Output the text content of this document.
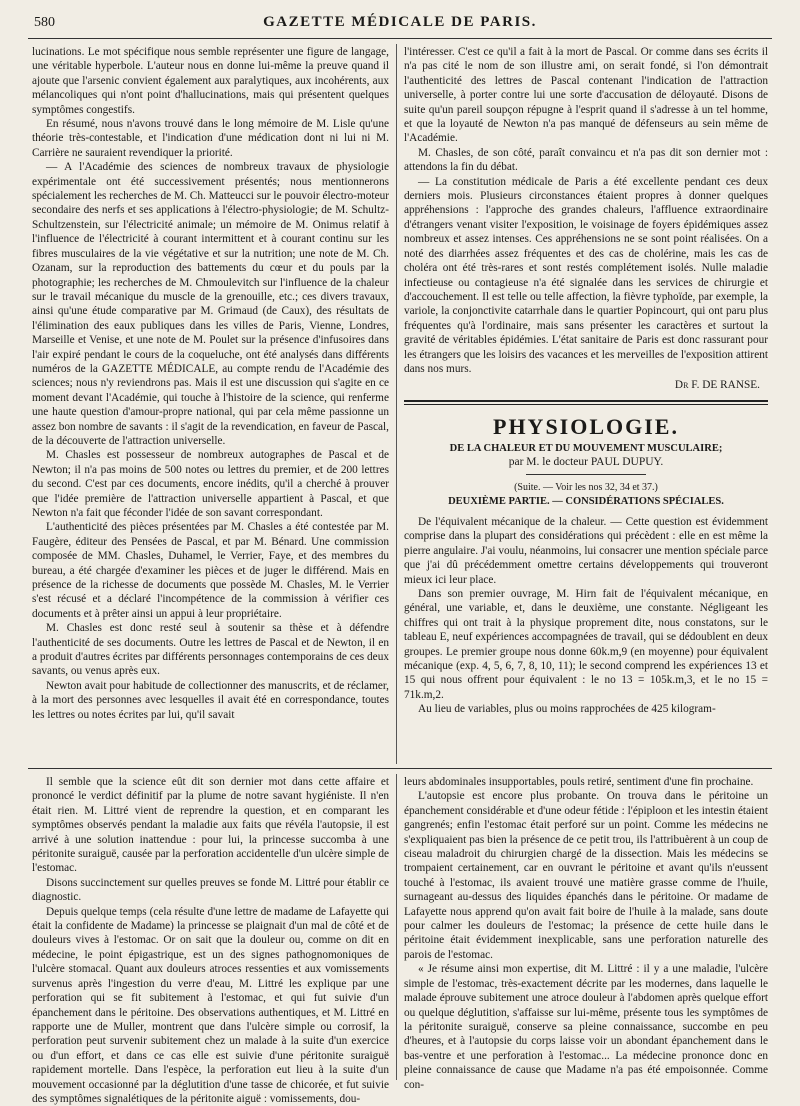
580	GAZETTE MÉDICALE DE PARIS.

lucinations. Le mot spécifique nous semble représenter une figure de langage, une véritable hyperbole. L'auteur nous en donne lui-même la preuve quand il ajoute que l'arsenic convient également aux paralytiques, aux incohérents, aux mélancoliques qui n'ont point d'hallucinations, mais qui présentent quelques symptômes congestifs.

En résumé, nous n'avons trouvé dans le long mémoire de M. Lisle qu'une théorie très-contestable, et l'indication d'une médication dont ni lui ni M. Carrière ne sauraient revendiquer la priorité.

— A l'Académie des sciences de nombreux travaux de physiologie expérimentale ont été successivement présentés; nous mentionnerons spécialement les recherches de M. Ch. Matteucci sur le pouvoir électro-moteur secondaire des nerfs et ses applications à l'électro-physiologie; de M. Schultz-Schultzenstein, sur l'électricité animale; un mémoire de M. Onimus relatif à l'influence de l'électricité à courant intermittent et à courant continu sur les fibres musculaires de la vie végétative et sur la nutrition; une note de M. Ch. Ozanam, sur la reproduction des battements du cœur et du pouls par la photographie; les recherches de M. Chmoulevitch sur l'influence de la chaleur sur le travail mécanique du muscle de la grenouille, etc.; ces divers travaux, ainsi qu'une étude comparative par M. Grimaud (de Caux), des résultats de l'élimination des eaux publiques dans les villes de Paris, Vienne, Londres, Marseille et Venise, et une note de M. Poulet sur la présence d'infusoires dans l'air expiré pendant le cours de la coqueluche, ont été analysés dans différents numéros de la GAZETTE MÉDICALE, au compte rendu de l'Académie des sciences; nous n'y reviendrons pas. Mais il est une discussion qui s'agite en ce moment devant l'Académie, qui touche à l'histoire de la science, qui renferme une haute question d'amour-propre national, qui par cela même passionne un assez bon nombre de savants : il s'agit de la revendication, en faveur de Pascal, de la découverte de l'attraction universelle.

M. Chasles est possesseur de nombreux autographes de Pascal et de Newton; il n'a pas moins de 500 notes ou lettres du premier, et de 200 lettres du second. C'est par ces documents, encore inédits, qu'il a cherché à prouver que l'idée première de l'attraction universelle appartient à Pascal, et que Newton n'a fait que féconder l'idée de son savant correspondant.

L'authenticité des pièces présentées par M. Chasles a été contestée par M. Faugère, éditeur des Pensées de Pascal, et par M. Bénard. Une commission composée de MM. Chasles, Duhamel, le Verrier, Faye, et des membres du bureau, a été chargée d'examiner les pièces et de juger le différend. Mais en présence de la richesse de documents que possède M. Chasles, M. le Verrier s'est récusé et a déclaré l'incompétence de la commission à vérifier ces documents et à prêter ainsi un appui à leur propriétaire.

M. Chasles est donc resté seul à soutenir sa thèse et à défendre l'authenticité de ses documents. Outre les lettres de Pascal et de Newton, il en a produit d'autres écrites par différents personnages contemporains de ces deux savants, ou venus après eux.

Newton avait pour habitude de collectionner des manuscrits, et de réclamer, à la mort des personnes avec lesquelles il avait été en correspondance, toutes les lettres ou notes écrites par lui, qu'il savait

l'intéresser. C'est ce qu'il a fait à la mort de Pascal. Or comme dans ses écrits il n'a pas cité le nom de son illustre ami, on serait fondé, si l'on démontrait l'authenticité des lettres de Pascal contenant l'indication de l'attraction universelle, à porter contre lui une sorte d'accusation de déloyauté. Disons de suite qu'un pareil soupçon répugne à l'esprit quand il s'adresse à un tel homme, et que la loyauté de Newton n'a pas manqué de défenseurs au sein même de l'Académie.

M. Chasles, de son côté, paraît convaincu et n'a pas dit son dernier mot : attendons la fin du débat.

— La constitution médicale de Paris a été excellente pendant ces deux derniers mois. Plusieurs circonstances étaient propres à donner quelques appréhensions : l'approche des grandes chaleurs, l'affluence extraordinaire d'étrangers venant visiter l'exposition, le voisinage de foyers épidémiques assez nombreux et assez intenses. Ces appréhensions ne se sont point réalisées. On a noté des diarrhées assez fréquentes et des cas de cholérine, mais les cas de choléra ont été très-rares et sont restés complétement isolés. Nulle maladie infectieuse ou contagieuse n'a été signalée dans les services de chirurgie et d'accouchement. Il est telle ou telle affection, la fièvre typhoïde, par exemple, la variole, la conjonctivite catarrhale dans le quartier Popincourt, qui ont paru plus fréquentes qu'à l'ordinaire, mais sans présenter les caractères et surtout la gravité de véritables épidémies. L'état sanitaire de Paris est donc rassurant pour les étrangers que les loisirs des vacances et les merveilles de l'exposition attirent dans nos murs.

Dr F. DE RANSE.
PHYSIOLOGIE.
DE LA CHALEUR ET DU MOUVEMENT MUSCULAIRE;
par M. le docteur PAUL DUPUY.
(Suite. — Voir les nos 32, 34 et 37.)
DEUXIÈME PARTIE. — CONSIDÉRATIONS SPÉCIALES.

De l'équivalent mécanique de la chaleur. — Cette question est évidemment comprise dans la plupart des considérations qui précèdent : elle en est même la pierre angulaire. J'ai voulu, néanmoins, lui consacrer une mention spéciale parce que j'ai dû précédemment omettre certains développements qui trouveront mieux ici leur place.

Dans son premier ouvrage, M. Hirn fait de l'équivalent mécanique, en général, une variable, et, dans le deuxième, une constante. Négligeant les chiffres qui ont trait à la physique proprement dite, nous constatons, sur le tableau E, neuf expériences accompagnées de travail, qui se dédoublent en deux groupes. Le premier groupe nous donne 60k.m,9 (en moyenne) pour équivalent mécanique (exp. 4, 5, 6, 7, 8, 10, 11); le second comprend les expériences 13 et 15 qui nous offrent pour équivalent : le no 13 = 105k.m,3, et le no 15 = 71k.m,2.

Au lieu de variables, plus ou moins rapprochées de 425 kilogram-

Il semble que la science eût dit son dernier mot dans cette affaire et prononcé le verdict définitif par la plume de notre savant hygiéniste. Il n'en était rien. M. Littré vient de reprendre la question, et en comparant les symptômes observés pendant la maladie aux faits que révéla l'autopsie, il est arrivé à une solution inattendue : pour lui, la princesse succomba à une péritonite suraiguë, causée par la perforation accidentelle d'un ulcère simple de l'estomac.

Disons succinctement sur quelles preuves se fonde M. Littré pour établir ce diagnostic.

Depuis quelque temps (cela résulte d'une lettre de madame de Lafayette qui était la confidente de Madame) la princesse se plaignait d'un mal de côté et de douleurs vives à l'estomac. Or on sait que la douleur ou, comme on dit en médecine, le point épigastrique, est un des signes pathognomoniques de l'ulcère stomacal. Quant aux douleurs atroces ressenties et aux vomissements survenus après l'ingestion du verre d'eau, M. Littré les explique par une perforation qui se fit subitement à l'estomac, et qui fut suivie d'un épanchement dans le péritoine. Des observations authentiques, et M. Littré en rapporte une de Muller, montrent que dans l'ulcère simple ou corrosif, la perforation peut survenir subitement chez un malade à la suite d'un exercice ou d'un effort, et dans ce cas elle est suivie d'une péritonite suraiguë rapidement mortelle. Dans l'espèce, la perforation eut lieu à la suite d'un mouvement occasionné par la déglutition d'une tasse de chicorée, et fut suivie des symptômes signalétiques de la péritonite aiguë : vomissements, dou-

leurs abdominales insupportables, pouls retiré, sentiment d'une fin prochaine.

L'autopsie est encore plus probante. On trouva dans le péritoine un épanchement considérable et d'une odeur fétide : l'épiploon et les intestin étaient gangrenés; enfin l'estomac était perforé sur un point. Comme les médecins ne s'expliquaient pas bien la présence de ce petit trou, ils l'attribuèrent à un coup de ciseau maladroit du chirurgien chargé de la dissection. Mais les médecins se trompaient certainement, car en ouvrant le péritoine et avant qu'ils n'eussent touché à l'estomac, ils avaient trouvé une matière grasse comme de l'huile, surnageant au-dessus des liquides épanchés dans le péritoine. Or madame de Lafayette nous apprend qu'on avait fait boire de l'huile à la malade, sans doute pour calmer les douleurs de l'estomac; la présence de cette huile dans le péritoine était évidemment inexplicable, sans une perforation naturelle des parois de l'estomac.

« Je résume ainsi mon expertise, dit M. Littré : il y a une maladie, l'ulcère simple de l'estomac, très-exactement décrite par les modernes, dans laquelle le malade éprouve subitement une atroce douleur à l'abdomen après quelque effort ou quelque déglutition, s'affaisse sur lui-même, présente tous les symptômes de la péritonite suraiguë, conserve sa pleine connaissance, succombe en peu d'heures, et à l'autopsie du corps laisse voir un abondant épanchement dans le bas-ventre et une perforation à l'estomac... La médecine prononce donc en pleine connaissance de cause que Madame n'a pas été empoisonnée. Comme con-
